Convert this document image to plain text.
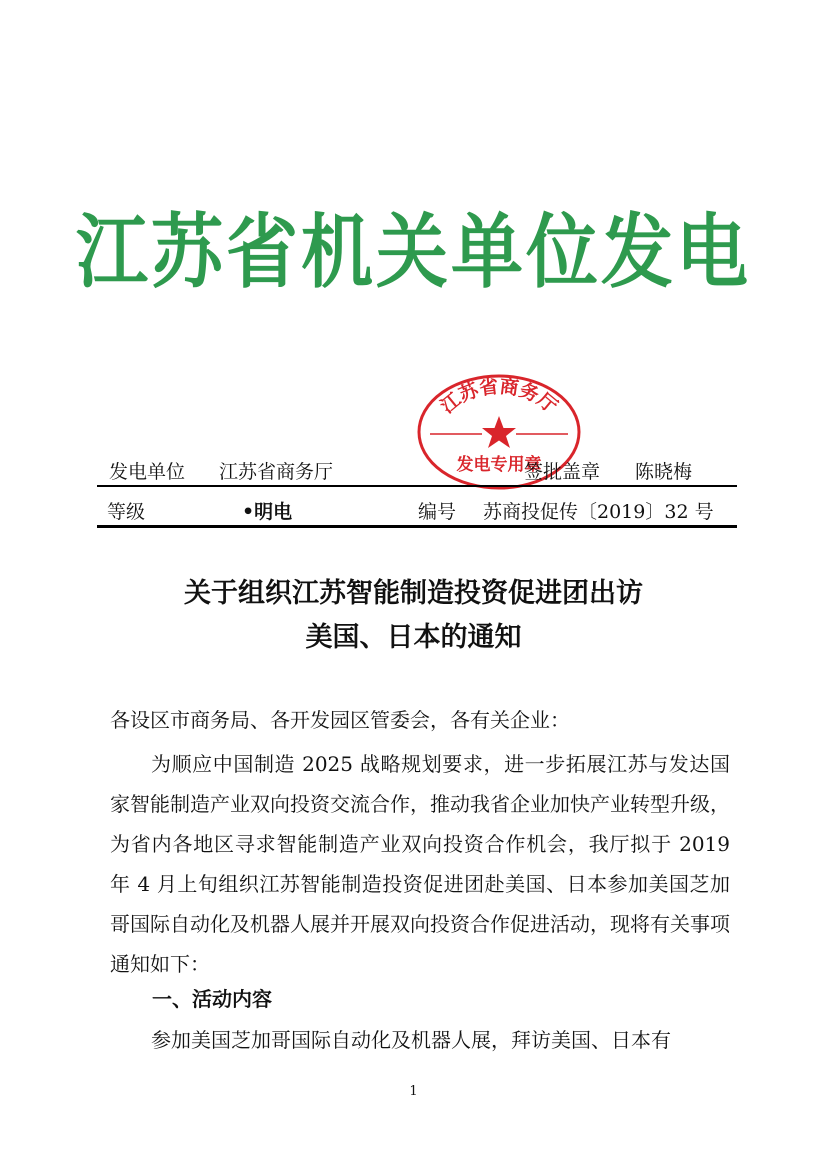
江苏省机关单位发电
江苏省商务厅
发电专用章
发电单位 江苏省商务厅	签批盖章 陈晓梅
等级	•明电	编号 苏商投促传〔2019〕32 号
关于组织江苏智能制造投资促进团出访
美国、日本的通知
各设区市商务局、各开发园区管委会，各有关企业：
为顺应中国制造 2025 战略规划要求，进一步拓展江苏与发达国家智能制造产业双向投资交流合作，推动我省企业加快产业转型升级，为省内各地区寻求智能制造产业双向投资合作机会，我厅拟于 2019 年 4 月上旬组织江苏智能制造投资促进团赴美国、日本参加美国芝加哥国际自动化及机器人展并开展双向投资合作促进活动，现将有关事项通知如下：
一、活动内容
参加美国芝加哥国际自动化及机器人展，拜访美国、日本有
1
